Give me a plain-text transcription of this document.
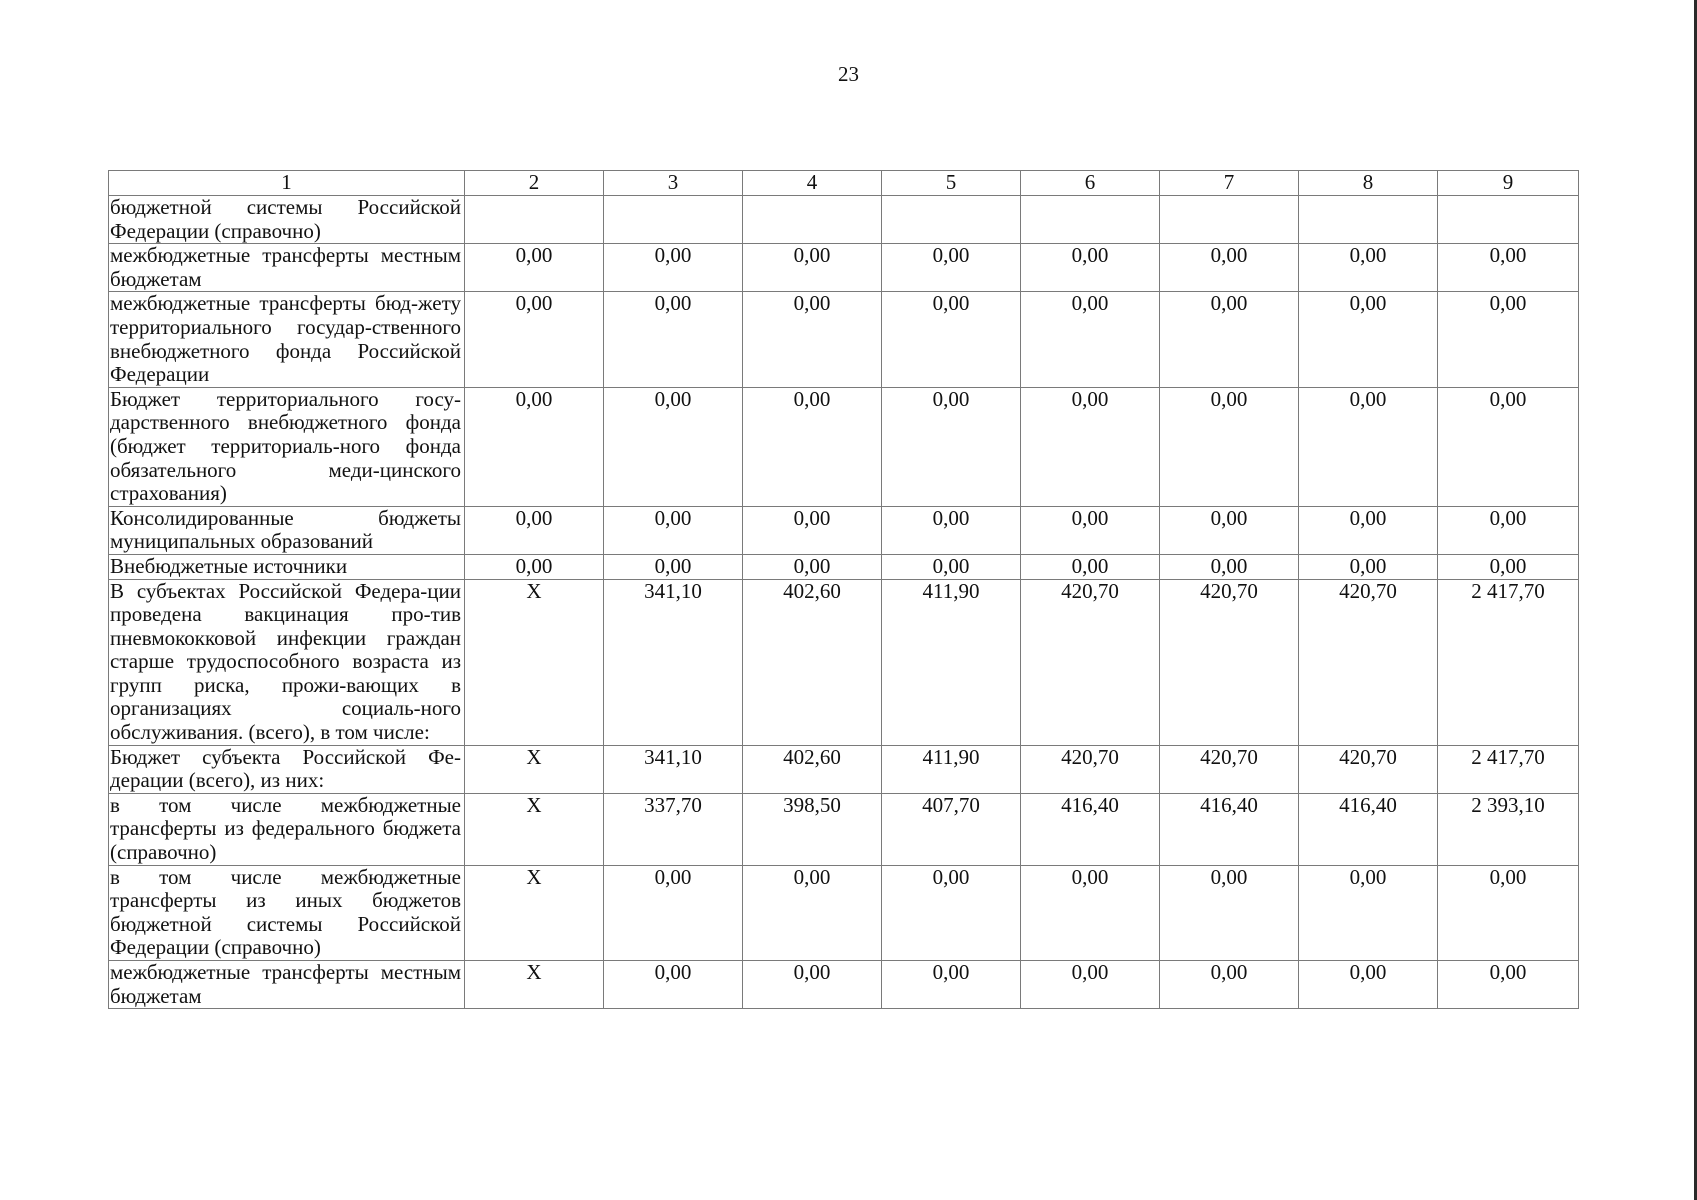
23
1	2	3	4	5	6	7	8	9
бюджетной системы Российской Федерации (справочно)								
межбюджетные трансферты местным бюджетам	0,00	0,00	0,00	0,00	0,00	0,00	0,00	0,00
межбюджетные трансферты бюд-жету территориального государ-ственного внебюджетного фонда Российской Федерации	0,00	0,00	0,00	0,00	0,00	0,00	0,00	0,00
Бюджет территориального госу-дарственного внебюджетного фонда (бюджет территориаль-ного фонда обязательного меди-цинского страхования)	0,00	0,00	0,00	0,00	0,00	0,00	0,00	0,00
Консолидированные бюджеты муниципальных образований	0,00	0,00	0,00	0,00	0,00	0,00	0,00	0,00
Внебюджетные источники	0,00	0,00	0,00	0,00	0,00	0,00	0,00	0,00
В субъектах Российской Федера-ции проведена вакцинация про-тив пневмококковой инфекции граждан старше трудоспособного возраста из групп риска, прожи-вающих в организациях социаль-ного обслуживания. (всего), в том числе:	X	341,10	402,60	411,90	420,70	420,70	420,70	2 417,70
Бюджет субъекта Российской Фе-дерации (всего), из них:	X	341,10	402,60	411,90	420,70	420,70	420,70	2 417,70
в том числе межбюджетные трансферты из федерального бюджета (справочно)	X	337,70	398,50	407,70	416,40	416,40	416,40	2 393,10
в том числе межбюджетные трансферты из иных бюджетов бюджетной системы Российской Федерации (справочно)	X	0,00	0,00	0,00	0,00	0,00	0,00	0,00
межбюджетные трансферты местным бюджетам	X	0,00	0,00	0,00	0,00	0,00	0,00	0,00
